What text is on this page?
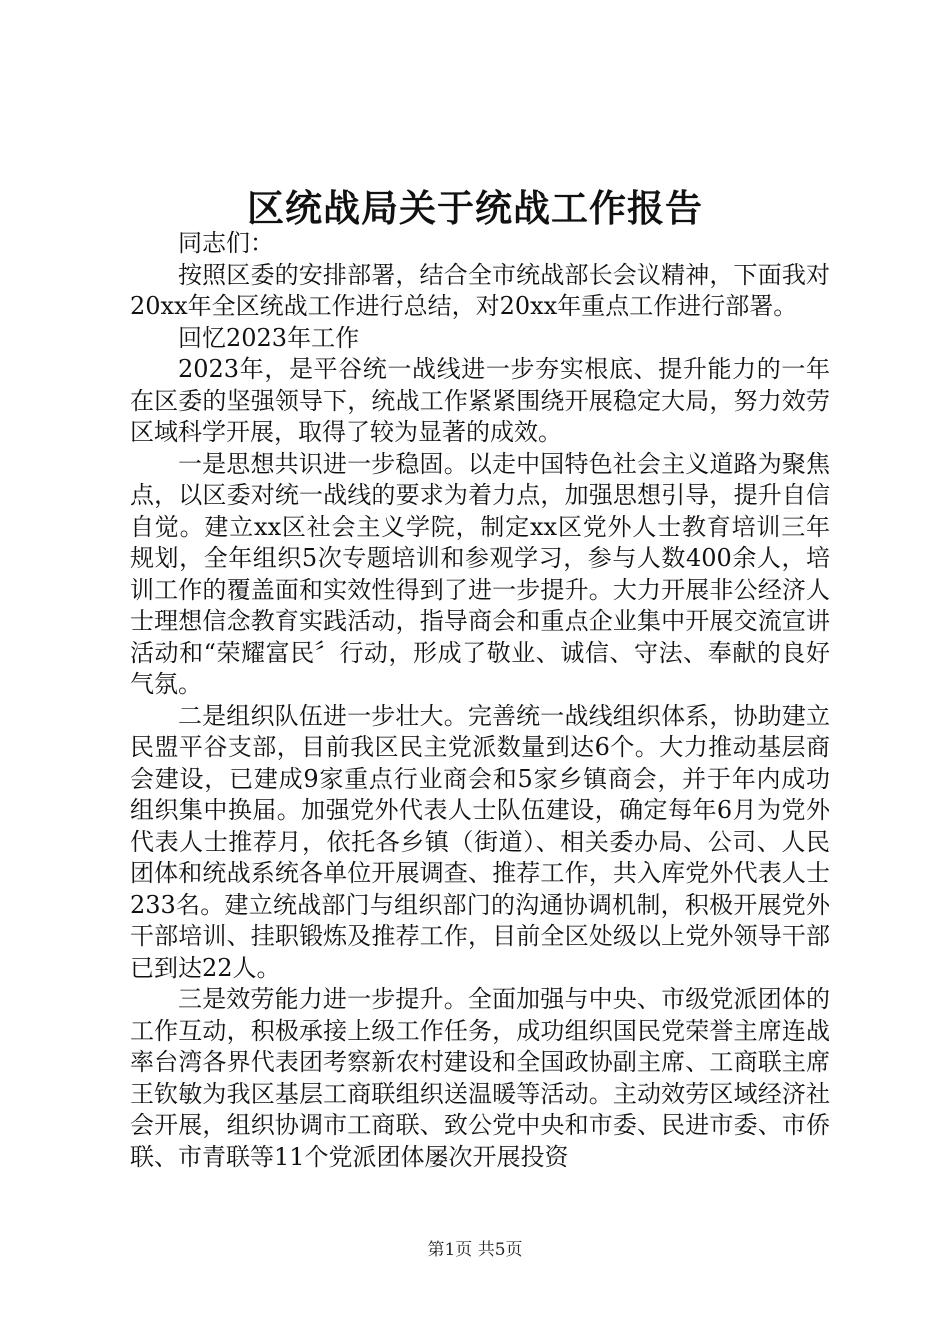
区统战局关于统战工作报告

同志们：

按照区委的安排部署，结合全市统战部长会议精神，下面我对20xx年全区统战工作进行总结，对20xx年重点工作进行部署。

回忆2023年工作

2023年，是平谷统一战线进一步夯实根底、提升能力的一年在区委的坚强领导下，统战工作紧紧围绕开展稳定大局，努力效劳区域科学开展，取得了较为显著的成效。

一是思想共识进一步稳固。以走中国特色社会主义道路为聚焦点，以区委对统一战线的要求为着力点，加强思想引导，提升自信自觉。建立xx区社会主义学院，制定xx区党外人士教育培训三年规划，全年组织5次专题培训和参观学习，参与人数400余人，培训工作的覆盖面和实效性得到了进一步提升。大力开展非公经济人士理想信念教育实践活动，指导商会和重点企业集中开展交流宣讲活动和“荣耀富民〞行动，形成了敬业、诚信、守法、奉献的良好气氛。

二是组织队伍进一步壮大。完善统一战线组织体系，协助建立民盟平谷支部，目前我区民主党派数量到达6个。大力推动基层商会建设，已建成9家重点行业商会和5家乡镇商会，并于年内成功组织集中换届。加强党外代表人士队伍建设，确定每年6月为党外代表人士推荐月，依托各乡镇（街道）、相关委办局、公司、人民团体和统战系统各单位开展调查、推荐工作，共入库党外代表人士233名。建立统战部门与组织部门的沟通协调机制，积极开展党外干部培训、挂职锻炼及推荐工作，目前全区处级以上党外领导干部已到达22人。

三是效劳能力进一步提升。全面加强与中央、市级党派团体的工作互动，积极承接上级工作任务，成功组织国民党荣誉主席连战率台湾各界代表团考察新农村建设和全国政协副主席、工商联主席王钦敏为我区基层工商联组织送温暖等活动。主动效劳区域经济社会开展，组织协调市工商联、致公党中央和市委、民进市委、市侨联、市青联等11个党派团体屡次开展投资

第1页 共5页
